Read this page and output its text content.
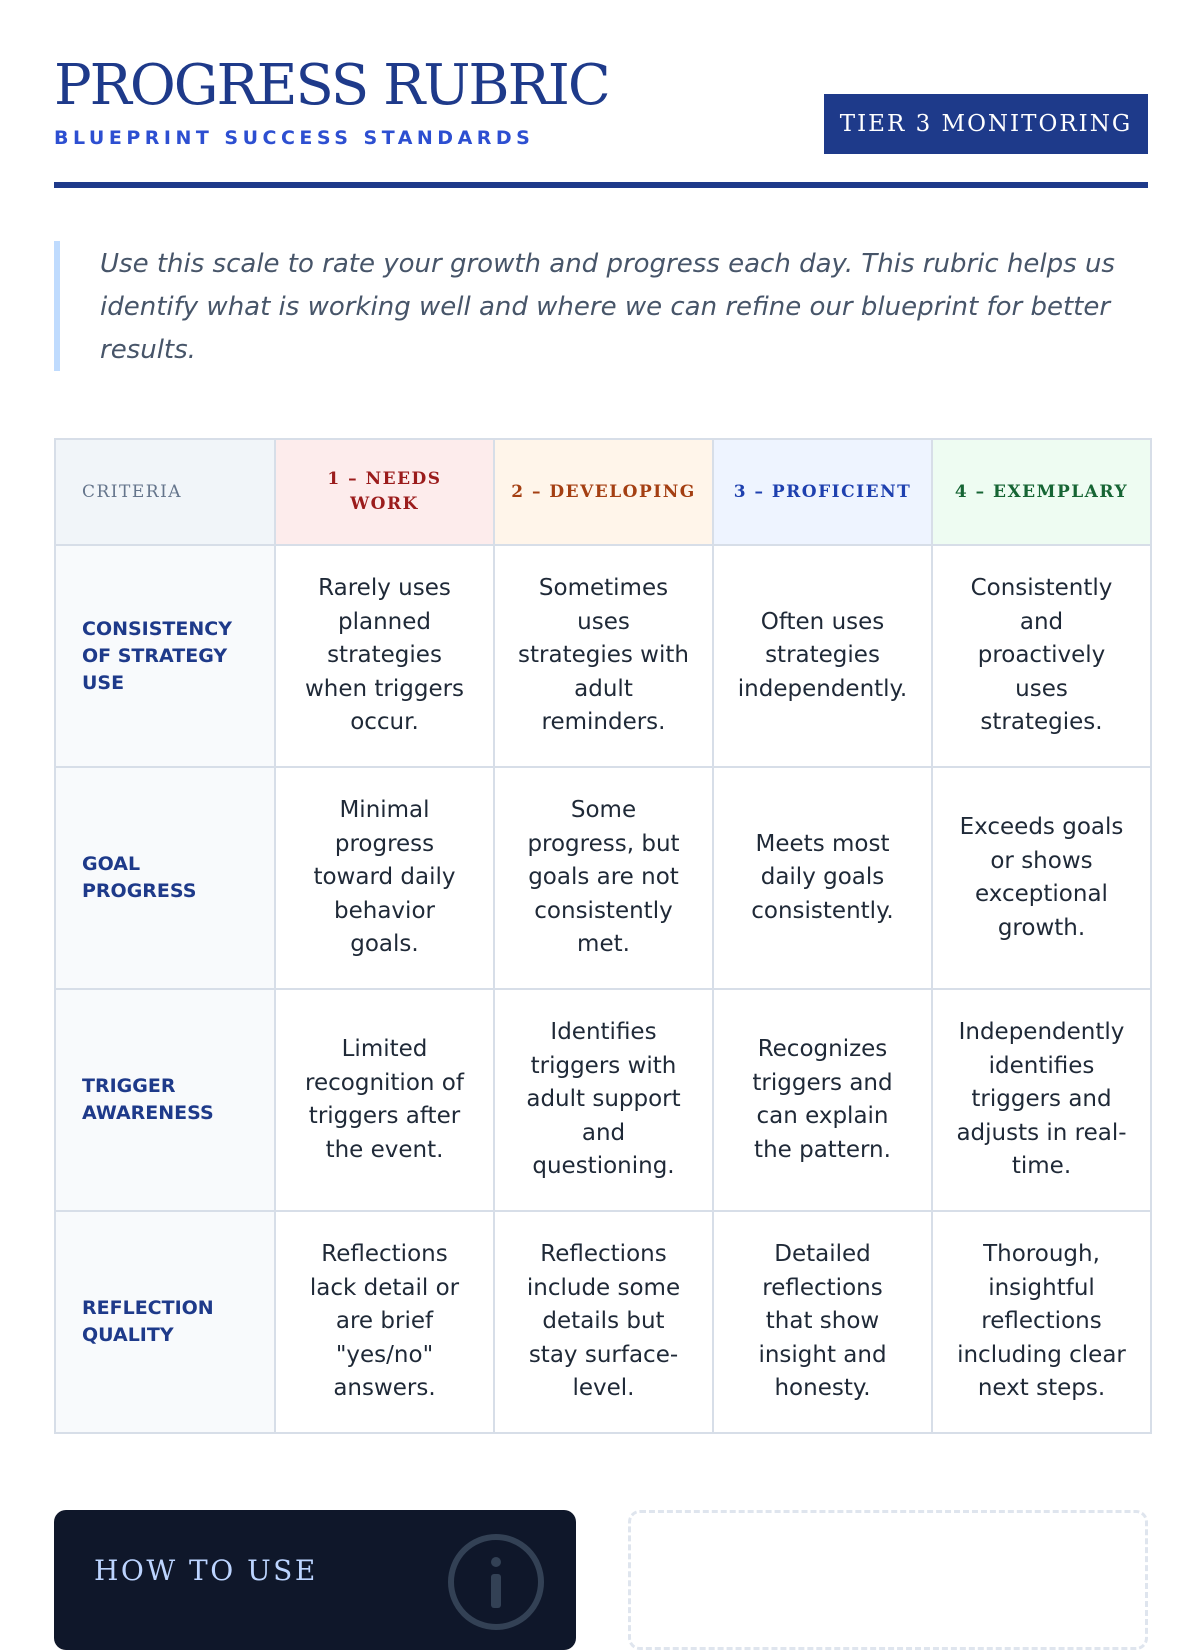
PROGRESS RUBRIC
BLUEPRINT SUCCESS STANDARDS
TIER 3 MONITORING
Use this scale to rate your growth and progress each day. This rubric helps us identify what is working well and where we can refine our blueprint for better results.
CRITERIA	1 – NEEDS WORK	2 – DEVELOPING	3 – PROFICIENT	4 – EXEMPLARY
CONSISTENCY OF STRATEGY USE	Rarely uses planned strategies when triggers occur.	Sometimes uses strategies with adult reminders.	Often uses strategies independently.	Consistently and proactively uses strategies.
GOAL PROGRESS	Minimal progress toward daily behavior goals.	Some progress, but goals are not consistently met.	Meets most daily goals consistently.	Exceeds goals or shows exceptional growth.
TRIGGER AWARENESS	Limited recognition of triggers after the event.	Identifies triggers with adult support and questioning.	Recognizes triggers and can explain the pattern.	Independently identifies triggers and adjusts in real-time.
REFLECTION QUALITY	Reflections lack detail or are brief "yes/no" answers.	Reflections include some details but stay surface-level.	Detailed reflections that show insight and honesty.	Thorough, insightful reflections including clear next steps.
HOW TO USE
